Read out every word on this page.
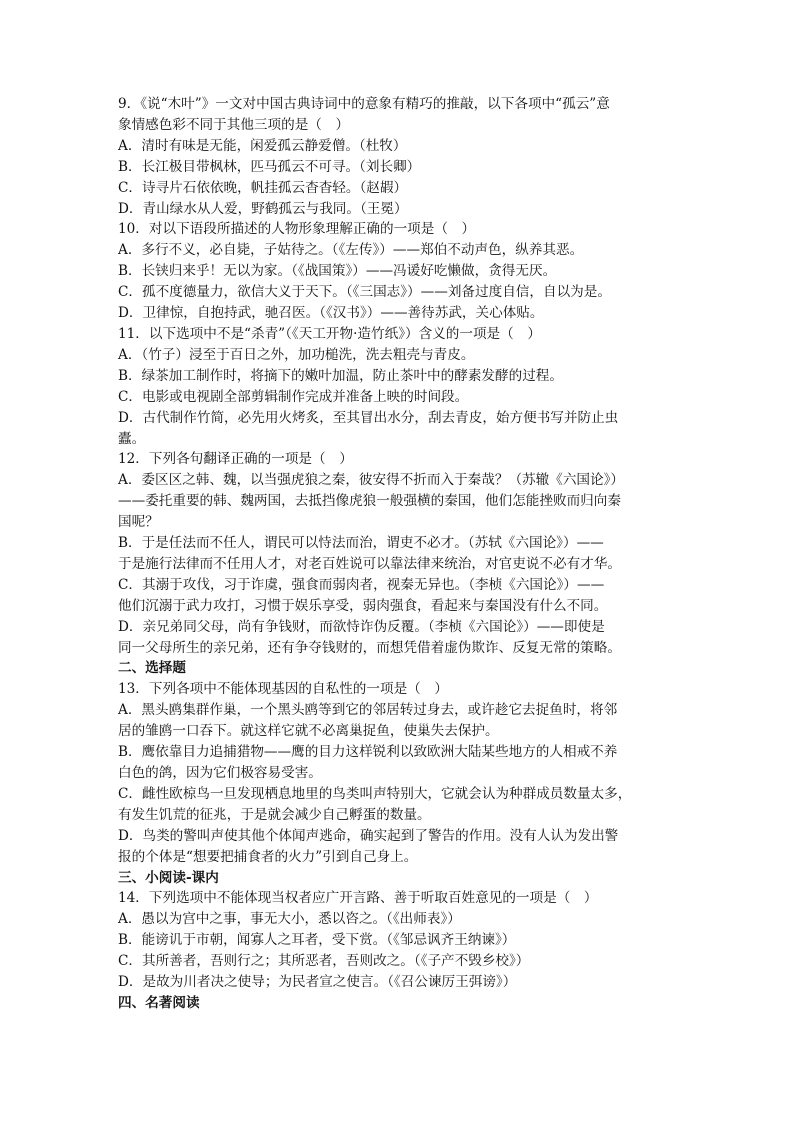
9．《说“木叶”》一文对中国古典诗词中的意象有精巧的推敲，以下各项中“孤云”意
象情感色彩不同于其他三项的是（　）
A．清时有味是无能，闲爱孤云静爱僧。（杜牧）
B．长江极目带枫林，匹马孤云不可寻。（刘长卿）
C．诗寻片石依依晚，帆挂孤云杳杳轻。（赵嘏）
D．青山绿水从人爱，野鹤孤云与我同。（王冕）
10．对以下语段所描述的人物形象理解正确的一项是（　）
A．多行不义，必自毙，子姑待之。（《左传》）——郑伯不动声色，纵养其恶。
B．长铗归来乎！无以为家。（《战国策》）——冯谖好吃懒做，贪得无厌。
C．孤不度德量力，欲信大义于天下。（《三国志》）——刘备过度自信，自以为是。
D．卫律惊，自抱持武，驰召医。（《汉书》）——善待苏武，关心体贴。
11．以下选项中不是“杀青”（《天工开物·造竹纸》）含义的一项是（　）
A．（竹子）浸至于百日之外，加功槌洗，洗去粗壳与青皮。
B．绿茶加工制作时，将摘下的嫩叶加温，防止茶叶中的酵素发酵的过程。
C．电影或电视剧全部剪辑制作完成并准备上映的时间段。
D．古代制作竹简，必先用火烤炙，至其冒出水分，刮去青皮，始方便书写并防止虫
蠹。
12．下列各句翻译正确的一项是（　）
A．委区区之韩、魏，以当强虎狼之秦，彼安得不折而入于秦哉？（苏辙《六国论》）
——委托重要的韩、魏两国，去抵挡像虎狼一般强横的秦国，他们怎能挫败而归向秦
国呢？
B．于是任法而不任人，谓民可以恃法而治，谓吏不必才。（苏轼《六国论》）——
于是施行法律而不任用人才，对老百姓说可以靠法律来统治，对官吏说不必有才华。
C．其溺于攻伐，习于诈虞，强食而弱肉者，视秦无异也。（李桢《六国论》）——
他们沉溺于武力攻打，习惯于娱乐享受，弱肉强食，看起来与秦国没有什么不同。
D．亲兄弟同父母，尚有争钱财，而欲恃诈伪反覆。（李桢《六国论》）——即使是
同一父母所生的亲兄弟，还有争夺钱财的，而想凭借着虚伪欺诈、反复无常的策略。
二、选择题
13．下列各项中不能体现基因的自私性的一项是（　）
A．黑头鸥集群作巢，一个黑头鸥等到它的邻居转过身去，或许趁它去捉鱼时，将邻
居的雏鸥一口吞下。就这样它就不必离巢捉鱼，使巢失去保护。
B．鹰依靠目力追捕猎物——鹰的目力这样锐利以致欧洲大陆某些地方的人相戒不养
白色的鸽，因为它们极容易受害。
C．雌性欧椋鸟一旦发现栖息地里的鸟类叫声特别大，它就会认为种群成员数量太多，
有发生饥荒的征兆，于是就会减少自己孵蛋的数量。
D．鸟类的警叫声使其他个体闻声逃命，确实起到了警告的作用。没有人认为发出警
报的个体是“想要把捕食者的火力”引到自己身上。
三、小阅读-课内
14．下列选项中不能体现当权者应广开言路、善于听取百姓意见的一项是（　）
A．愚以为宫中之事，事无大小，悉以咨之。（《出师表》）
B．能谤讥于市朝，闻寡人之耳者，受下赏。（《邹忌讽齐王纳谏》）
C．其所善者，吾则行之；其所恶者，吾则改之。（《子产不毁乡校》）
D．是故为川者决之使导；为民者宣之使言。（《召公谏厉王弭谤》）
四、名著阅读
